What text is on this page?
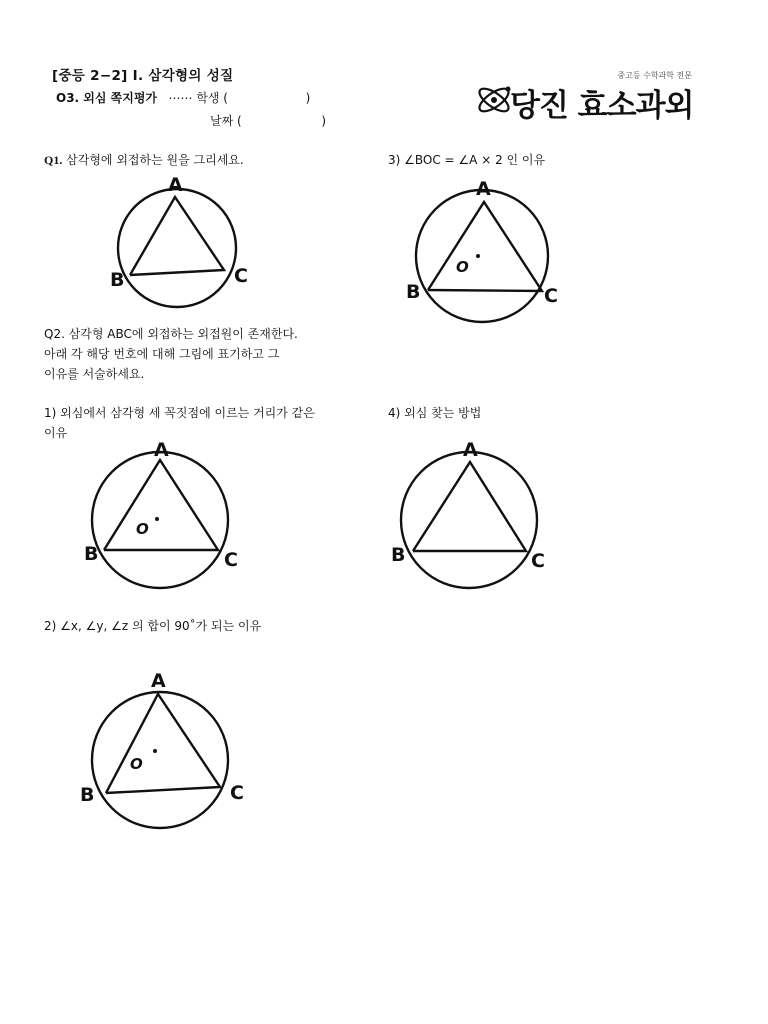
[중등 2−2] Ⅰ. 삼각형의 성질
O3. 외심 쪽지평가 ⋯⋯ 학생 (	)
날짜 (	)
중고등 수학과학 전문
당진 효소과외
Q1. 삼각형에 외접하는 원을 그리세요.
A
B	C
3) ∠BOC = ∠A × 2 인 이유
A
B	C
O
Q2. 삼각형 ABC에 외접하는 외접원이 존재한다.
아래 각 해당 번호에 대해 그림에 표기하고 그
이유를 서술하세요.
1) 외심에서 삼각형 세 꼭짓점에 이르는 거리가 같은
이유
A
B	C
O
4) 외심 찾는 방법
A
B	C
2) ∠x, ∠y, ∠z 의 합이 90˚가 되는 이유
A
B	C
O
